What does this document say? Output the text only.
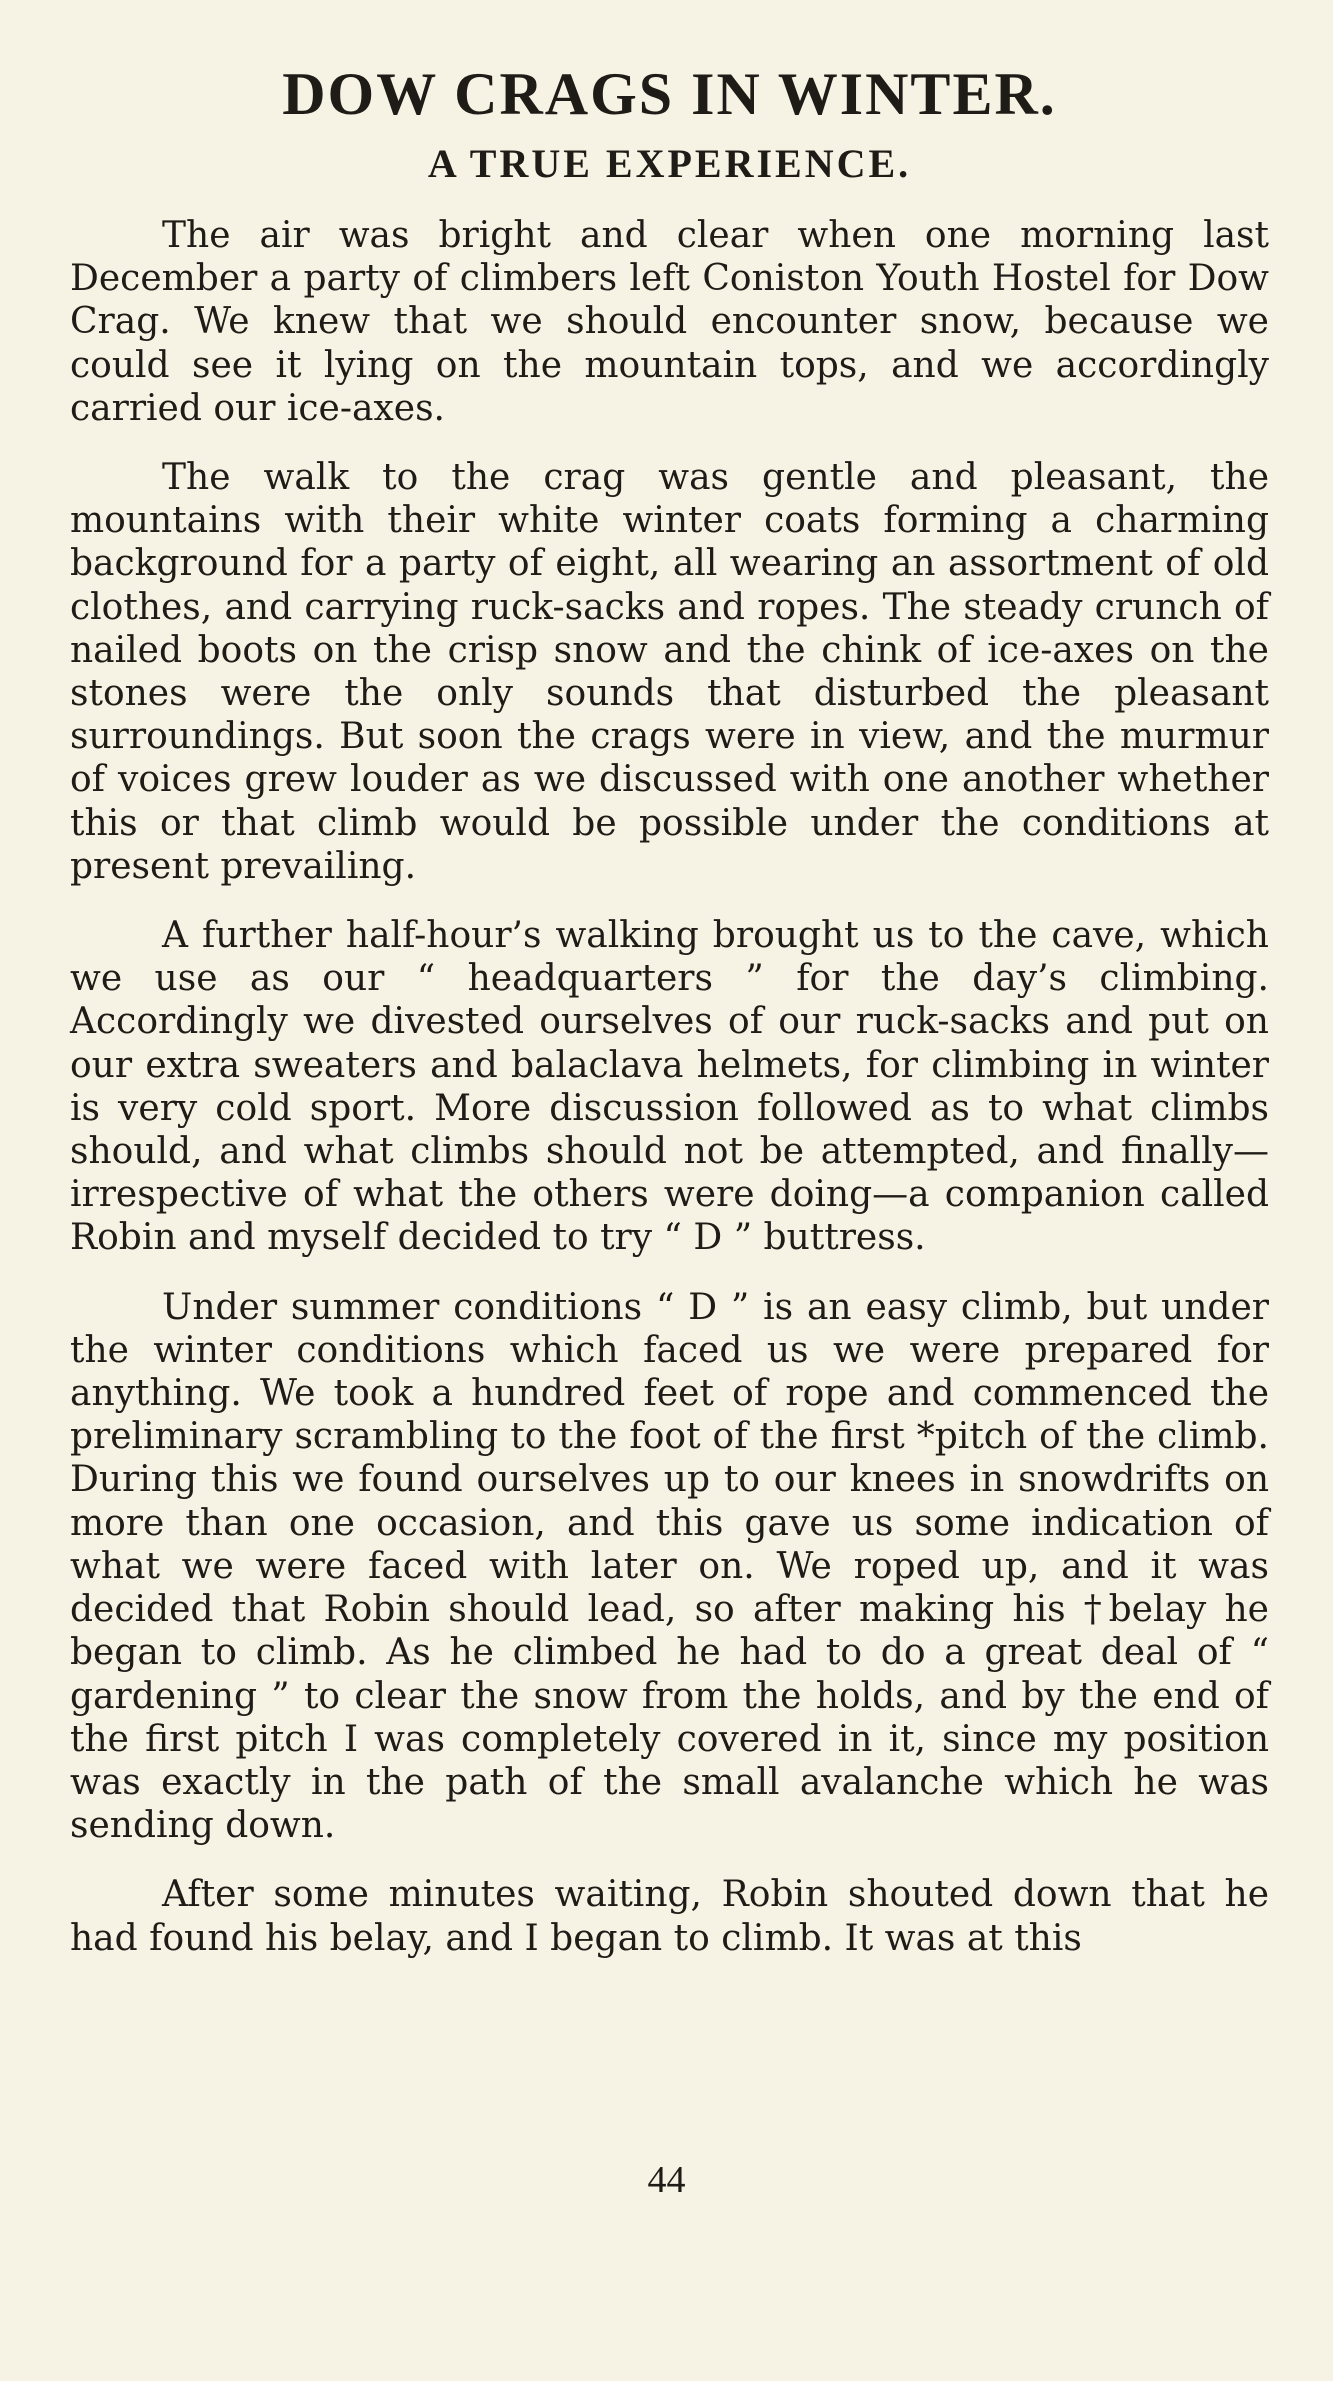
DOW CRAGS IN WINTER.
A TRUE EXPERIENCE.

The air was bright and clear when one morning last December a party of climbers left Coniston Youth Hostel for Dow Crag. We knew that we should encounter snow, because we could see it lying on the mountain tops, and we accordingly carried our ice-axes.

The walk to the crag was gentle and pleasant, the mountains with their white winter coats forming a charming background for a party of eight, all wearing an assortment of old clothes, and carrying ruck-sacks and ropes. The steady crunch of nailed boots on the crisp snow and the chink of ice-axes on the stones were the only sounds that disturbed the pleasant surroundings. But soon the crags were in view, and the murmur of voices grew louder as we discussed with one another whether this or that climb would be possible under the conditions at present prevailing.

A further half-hour’s walking brought us to the cave, which we use as our “ headquarters ” for the day’s climbing. Accordingly we divested ourselves of our ruck-sacks and put on our extra sweaters and balaclava helmets, for climbing in winter is very cold sport. More discussion followed as to what climbs should, and what climbs should not be attempted, and finally—irrespective of what the others were doing—a companion called Robin and myself decided to try “ D ” buttress.

Under summer conditions “ D ” is an easy climb, but under the winter conditions which faced us we were prepared for anything. We took a hundred feet of rope and commenced the preliminary scrambling to the foot of the first *pitch of the climb. During this we found ourselves up to our knees in snowdrifts on more than one occasion, and this gave us some indication of what we were faced with later on. We roped up, and it was decided that Robin should lead, so after making his †belay he began to climb. As he climbed he had to do a great deal of “ gardening ” to clear the snow from the holds, and by the end of the first pitch I was completely covered in it, since my position was exactly in the path of the small avalanche which he was sending down.

After some minutes waiting, Robin shouted down that he had found his belay, and I began to climb. It was at this

44
